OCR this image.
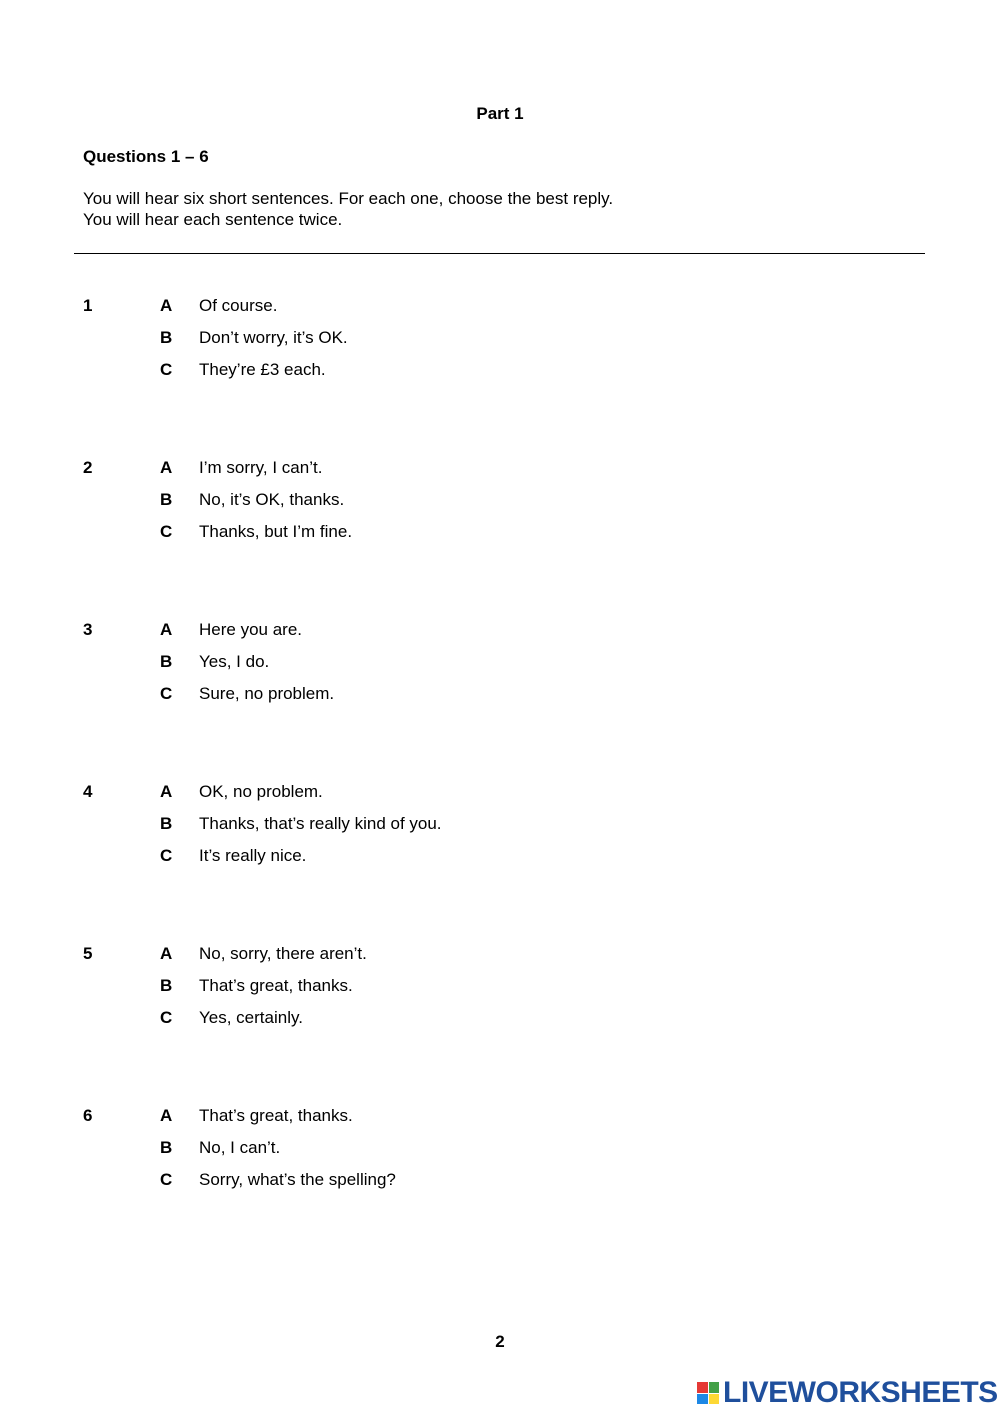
Part 1
Questions 1 – 6
You will hear six short sentences. For each one, choose the best reply.
You will hear each sentence twice.
1	A Of course.
B Don’t worry, it’s OK.
C They’re £3 each.
2	A I’m sorry, I can’t.
B No, it’s OK, thanks.
C Thanks, but I’m fine.
3	A Here you are.
B Yes, I do.
C Sure, no problem.
4	A OK, no problem.
B Thanks, that’s really kind of you.
C It’s really nice.
5	A No, sorry, there aren’t.
B That’s great, thanks.
C Yes, certainly.
6	A That’s great, thanks.
B No, I can’t.
C Sorry, what’s the spelling?
2
LIVEWORKSHEETS
